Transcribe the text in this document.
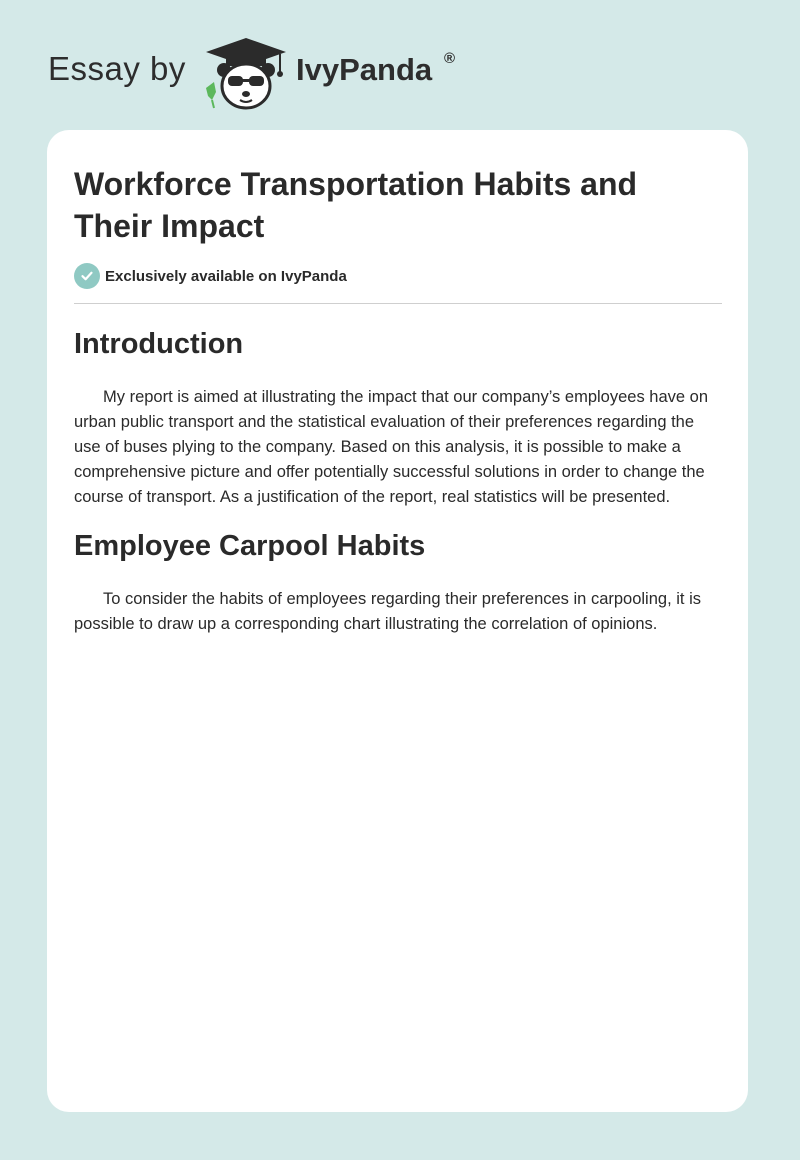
Essay by	IvyPanda ®
Workforce Transportation Habits and Their Impact
Exclusively available on IvyPanda
Introduction

My report is aimed at illustrating the impact that our company’s employees have on urban public transport and the statistical evaluation of their preferences regarding the use of buses plying to the company. Based on this analysis, it is possible to make a comprehensive picture and offer potentially successful solutions in order to change the course of transport. As a justification of the report, real statistics will be presented.

Employee Carpool Habits

To consider the habits of employees regarding their preferences in carpooling, it is possible to draw up a corresponding chart illustrating the correlation of opinions.
